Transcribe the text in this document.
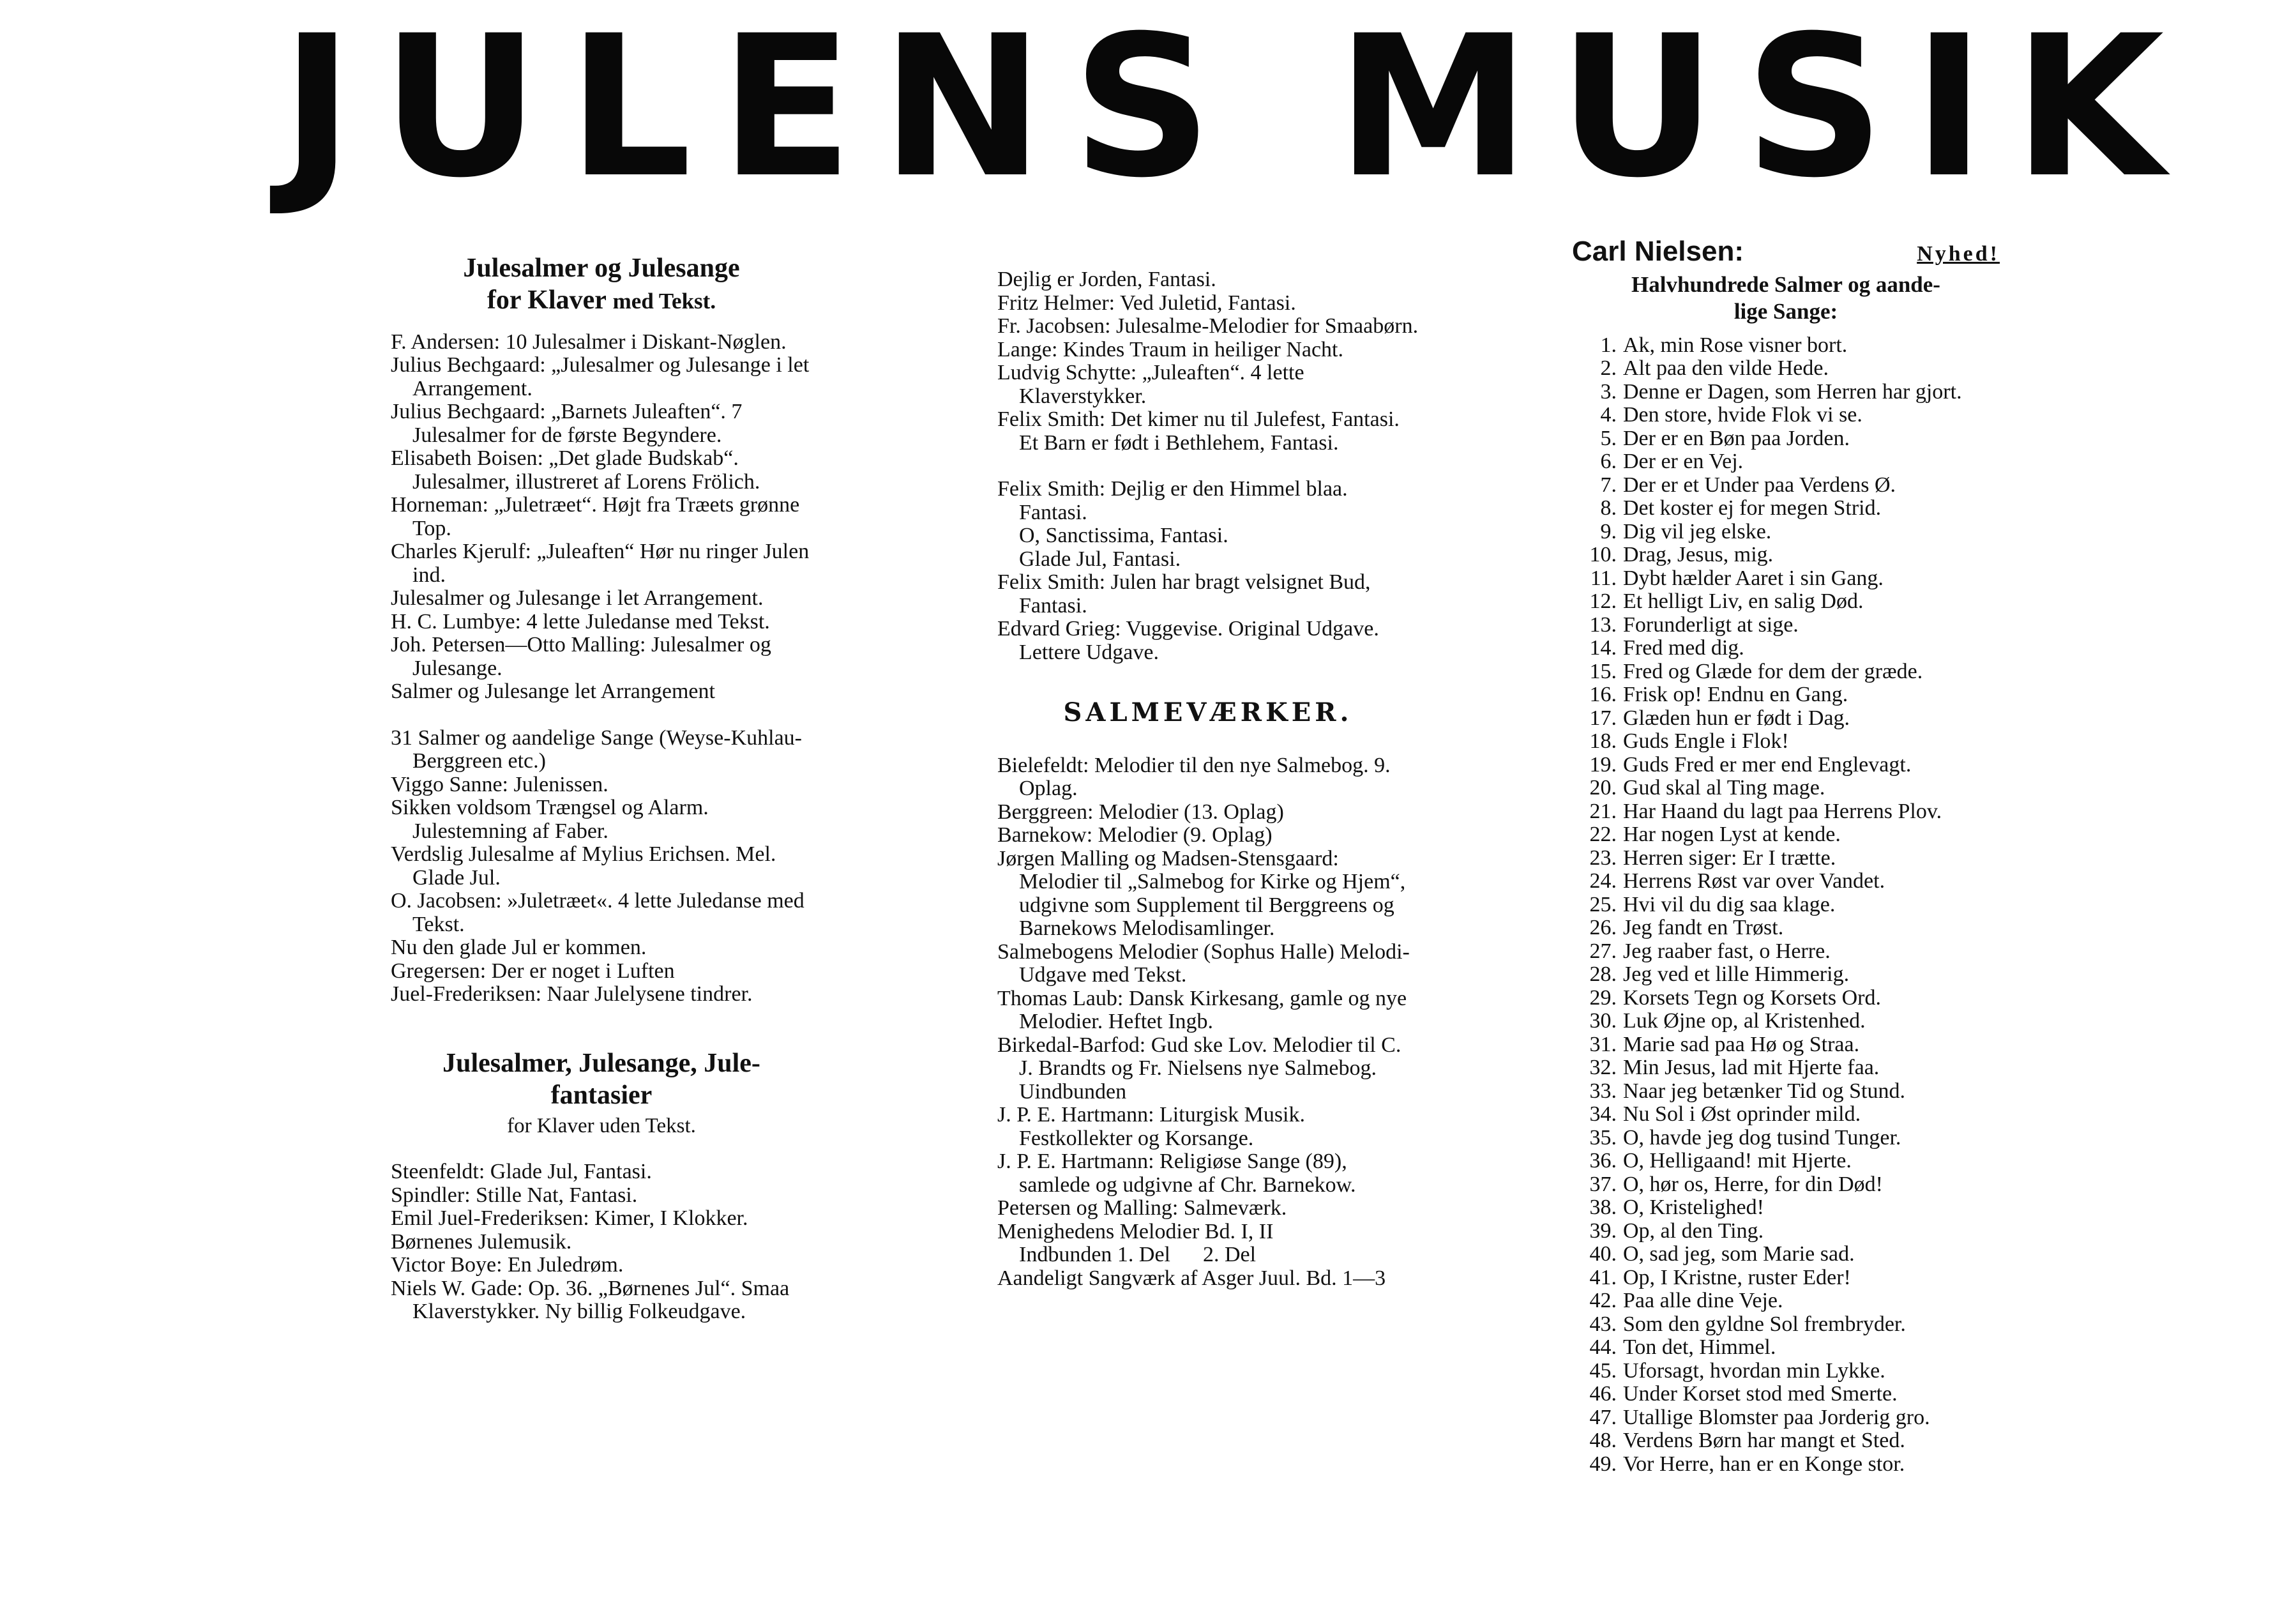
JULENS MUSIK
Julesalmer og Julesange
for Klaver med Tekst.
F. Andersen: 10 Julesalmer i Diskant-Nøglen.
Julius Bechgaard: „Julesalmer og Julesange i let Arrangement.
Julius Bechgaard: „Barnets Juleaften“. 7 Julesalmer for de første Begyndere.
Elisabeth Boisen: „Det glade Budskab“. Julesalmer, illustreret af Lorens Frölich.
Horneman: „Juletræet“. Højt fra Træets grønne Top.
Charles Kjerulf: „Juleaften“ Hør nu ringer Julen ind.
Julesalmer og Julesange i let Arrangement.
H. C. Lumbye: 4 lette Juledanse med Tekst.
Joh. Petersen—Otto Malling: Julesalmer og Julesange.
Salmer og Julesange let Arrangement
31 Salmer og aandelige Sange (Weyse-Kuhlau-Berggreen etc.)
Viggo Sanne: Julenissen.
Sikken voldsom Trængsel og Alarm. Julestemning af Faber.
Verdslig Julesalme af Mylius Erichsen. Mel. Glade Jul.
O. Jacobsen: »Juletræet«. 4 lette Juledanse med Tekst.
Nu den glade Jul er kommen.
Gregersen: Der er noget i Luften
Juel-Frederiksen: Naar Julelysene tindrer.
Julesalmer, Julesange, Jule-
fantasier
for Klaver uden Tekst.
Steenfeldt: Glade Jul, Fantasi.
Spindler: Stille Nat, Fantasi.
Emil Juel-Frederiksen: Kimer, I Klokker.
Børnenes Julemusik.
Victor Boye: En Juledrøm.
Niels W. Gade: Op. 36. „Børnenes Jul“. Smaa Klaverstykker. Ny billig Folkeudgave.
Dejlig er Jorden, Fantasi.
Fritz Helmer: Ved Juletid, Fantasi.
Fr. Jacobsen: Julesalme-Melodier for Smaabørn.
Lange: Kindes Traum in heiliger Nacht.
Ludvig Schytte: „Juleaften“. 4 lette Klaverstykker.
Felix Smith: Det kimer nu til Julefest, Fantasi.
Et Barn er født i Bethlehem, Fantasi.
Felix Smith: Dejlig er den Himmel blaa. Fantasi.
O, Sanctissima, Fantasi.
Glade Jul, Fantasi.
Felix Smith: Julen har bragt velsignet Bud, Fantasi.
Edvard Grieg: Vuggevise. Original Udgave.
Lettere Udgave.
SALMEVÆRKER.
Bielefeldt: Melodier til den nye Salmebog. 9. Oplag.
Berggreen: Melodier (13. Oplag)
Barnekow: Melodier (9. Oplag)
Jørgen Malling og Madsen-Stensgaard: Melodier til „Salmebog for Kirke og Hjem“, udgivne som Supplement til Berggreens og Barnekows Melodisamlinger.
Salmebogens Melodier (Sophus Halle) Melodi-Udgave med Tekst.
Thomas Laub: Dansk Kirkesang, gamle og nye Melodier. Heftet Ingb.
Birkedal-Barfod: Gud ske Lov. Melodier til C. J. Brandts og Fr. Nielsens nye Salmebog. Uindbunden
J. P. E. Hartmann: Liturgisk Musik. Festkollekter og Korsange.
J. P. E. Hartmann: Religiøse Sange (89), samlede og udgivne af Chr. Barnekow.
Petersen og Malling: Salmeværk.
Menighedens Melodier Bd. I, II
Indbunden 1. Del      2. Del
Aandeligt Sangværk af Asger Juul. Bd. 1—3
Carl Nielsen:	Nyhed!
Halvhundrede Salmer og aande-
lige Sange:
1. Ak, min Rose visner bort.
2. Alt paa den vilde Hede.
3. Denne er Dagen, som Herren har gjort.
4. Den store, hvide Flok vi se.
5. Der er en Bøn paa Jorden.
6. Der er en Vej.
7. Der er et Under paa Verdens Ø.
8. Det koster ej for megen Strid.
9. Dig vil jeg elske.
10. Drag, Jesus, mig.
11. Dybt hælder Aaret i sin Gang.
12. Et helligt Liv, en salig Død.
13. Forunderligt at sige.
14. Fred med dig.
15. Fred og Glæde for dem der græde.
16. Frisk op! Endnu en Gang.
17. Glæden hun er født i Dag.
18. Guds Engle i Flok!
19. Guds Fred er mer end Englevagt.
20. Gud skal al Ting mage.
21. Har Haand du lagt paa Herrens Plov.
22. Har nogen Lyst at kende.
23. Herren siger: Er I trætte.
24. Herrens Røst var over Vandet.
25. Hvi vil du dig saa klage.
26. Jeg fandt en Trøst.
27. Jeg raaber fast, o Herre.
28. Jeg ved et lille Himmerig.
29. Korsets Tegn og Korsets Ord.
30. Luk Øjne op, al Kristenhed.
31. Marie sad paa Hø og Straa.
32. Min Jesus, lad mit Hjerte faa.
33. Naar jeg betænker Tid og Stund.
34. Nu Sol i Øst oprinder mild.
35. O, havde jeg dog tusind Tunger.
36. O, Helligaand! mit Hjerte.
37. O, hør os, Herre, for din Død!
38. O, Kristelighed!
39. Op, al den Ting.
40. O, sad jeg, som Marie sad.
41. Op, I Kristne, ruster Eder!
42. Paa alle dine Veje.
43. Som den gyldne Sol frembryder.
44. Ton det, Himmel.
45. Uforsagt, hvordan min Lykke.
46. Under Korset stod med Smerte.
47. Utallige Blomster paa Jorderig gro.
48. Verdens Børn har mangt et Sted.
49. Vor Herre, han er en Konge stor.
